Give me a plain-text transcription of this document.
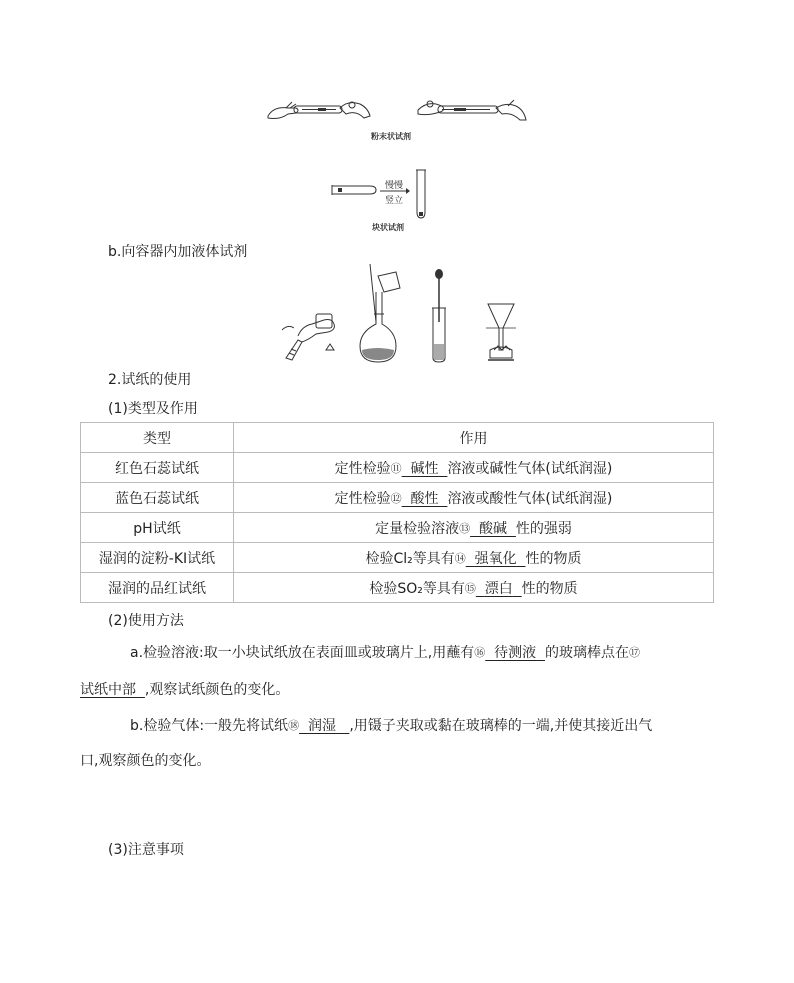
粉末状试剂
慢慢
竖立
块状试剂
b.向容器内加液体试剂
2.试纸的使用
(1)类型及作用
类型	作用
红色石蕊试纸	定性检验⑪ 碱性 溶液或碱性气体(试纸润湿)
蓝色石蕊试纸	定性检验⑫ 酸性 溶液或酸性气体(试纸润湿)
pH试纸	定量检验溶液⑬ 酸碱 性的强弱
湿润的淀粉-KI试纸	检验Cl₂等具有⑭ 强氧化 性的物质
湿润的品红试纸	检验SO₂等具有⑮ 漂白 性的物质
(2)使用方法
a.检验溶液:取一小块试纸放在表面皿或玻璃片上,用蘸有⑯ 待测液 的玻璃棒点在⑰
试纸中部 ,观察试纸颜色的变化。
b.检验气体:一般先将试纸⑱ 润湿 ,用镊子夹取或黏在玻璃棒的一端,并使其接近出气
口,观察颜色的变化。
(3)注意事项
